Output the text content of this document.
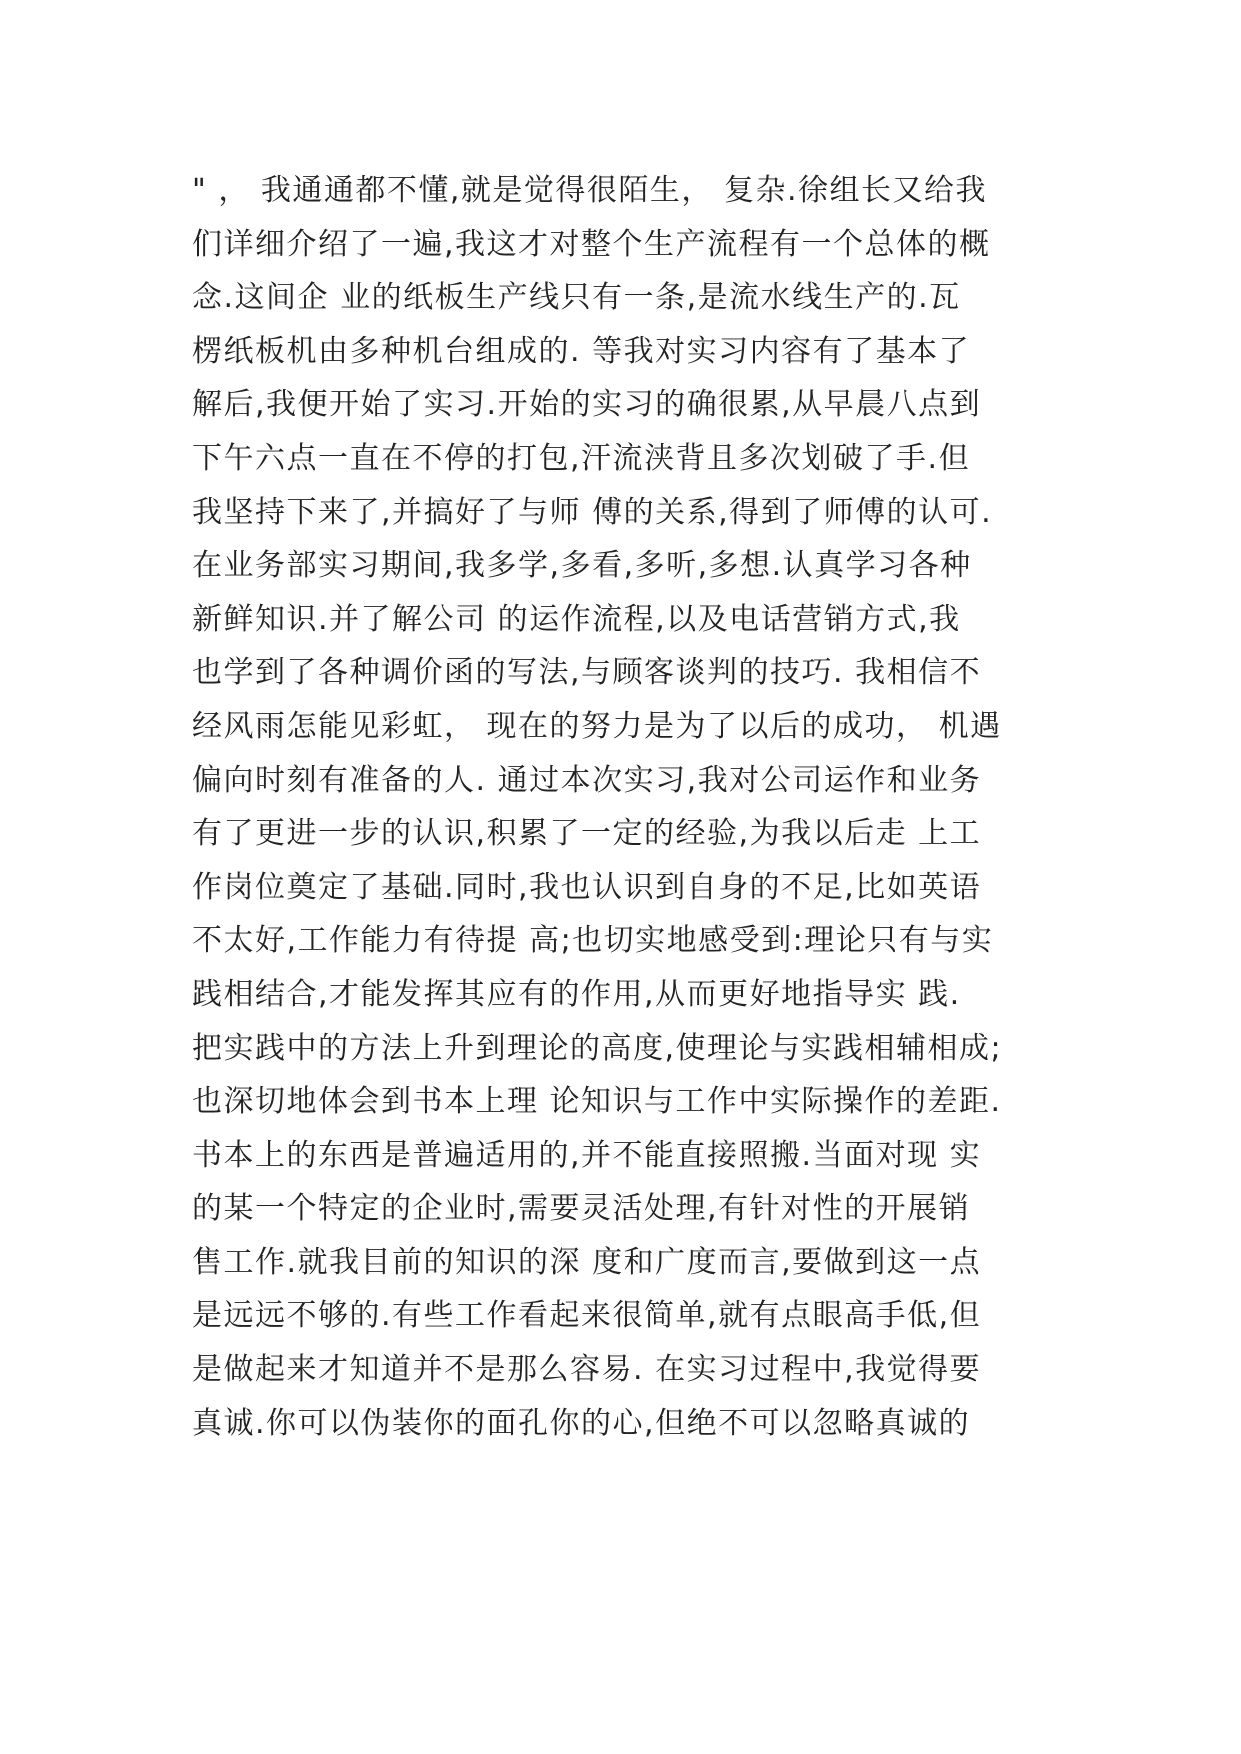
" ， 我通通都不懂,就是觉得很陌生， 复杂.徐组长又给我
们详细介绍了一遍,我这才对整个生产流程有一个总体的概
念.这间企 业的纸板生产线只有一条,是流水线生产的.瓦
楞纸板机由多种机台组成的. 等我对实习内容有了基本了
解后,我便开始了实习.开始的实习的确很累,从早晨八点到
下午六点一直在不停的打包,汗流浃背且多次划破了手.但
我坚持下来了,并搞好了与师 傅的关系,得到了师傅的认可.
在业务部实习期间,我多学,多看,多听,多想.认真学习各种
新鲜知识.并了解公司 的运作流程,以及电话营销方式,我
也学到了各种调价函的写法,与顾客谈判的技巧. 我相信不
经风雨怎能见彩虹， 现在的努力是为了以后的成功， 机遇
偏向时刻有准备的人. 通过本次实习,我对公司运作和业务
有了更进一步的认识,积累了一定的经验,为我以后走 上工
作岗位奠定了基础.同时,我也认识到自身的不足,比如英语
不太好,工作能力有待提 高;也切实地感受到:理论只有与实
践相结合,才能发挥其应有的作用,从而更好地指导实 践.
把实践中的方法上升到理论的高度,使理论与实践相辅相成;
也深切地体会到书本上理 论知识与工作中实际操作的差距.
书本上的东西是普遍适用的,并不能直接照搬.当面对现 实
的某一个特定的企业时,需要灵活处理,有针对性的开展销
售工作.就我目前的知识的深 度和广度而言,要做到这一点
是远远不够的.有些工作看起来很简单,就有点眼高手低,但
是做起来才知道并不是那么容易. 在实习过程中,我觉得要
真诚.你可以伪装你的面孔你的心,但绝不可以忽略真诚的
